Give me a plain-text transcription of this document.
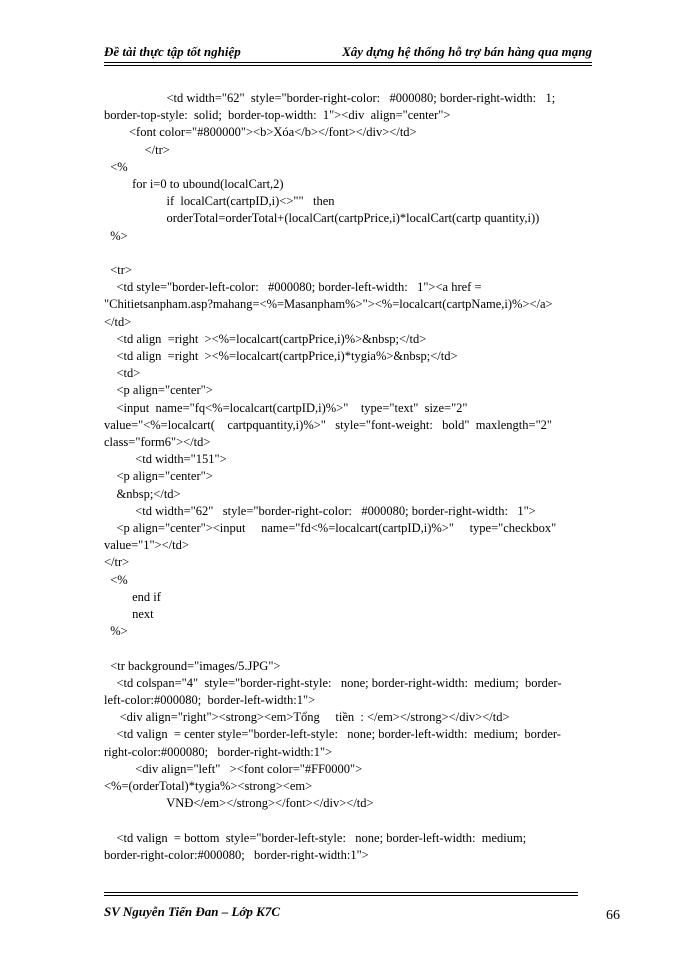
Đề tài thực tập tốt nghiệp	Xây dựng hệ thống hỗ trợ bán hàng qua mạng
<td width="62"  style="border-right-color:   #000080; border-right-width:   1;
border-top-style:  solid;  border-top-width:  1"><div  align="center">
<font color="#800000"><b>Xóa</b></font></div></td>
</tr>
<%
for i=0 to ubound(localCart,2)
if  localCart(cartpID,i)<>""   then
orderTotal=orderTotal+(localCart(cartpPrice,i)*localCart(cartp quantity,i))
%>
<tr>
<td style="border-left-color:   #000080; border-left-width:   1"><a href =
"Chitietsanpham.asp?mahang=<%=Masanpham%>"><%=localcart(cartpName,i)%></a>
</td>
<td align  =right  ><%=localcart(cartpPrice,i)%>&nbsp;</td>
<td align  =right  ><%=localcart(cartpPrice,i)*tygia%>&nbsp;</td>
<td>
<p align="center">
<input  name="fq<%=localcart(cartpID,i)%>"    type="text"  size="2"
value="<%=localcart(    cartpquantity,i)%>"   style="font-weight:   bold"  maxlength="2"
class="form6"></td>
<td width="151">
<p align="center">
&nbsp;</td>
<td width="62"   style="border-right-color:   #000080; border-right-width:   1">
<p align="center"><input     name="fd<%=localcart(cartpID,i)%>"     type="checkbox"
value="1"></td>
</tr>
<%
end if
next
%>
<tr background="images/5.JPG">
<td colspan="4"  style="border-right-style:   none; border-right-width:  medium;  border-
left-color:#000080;  border-left-width:1">
<div align="right"><strong><em>Tổng     tiền  : </em></strong></div></td>
<td valign  = center style="border-left-style:   none; border-left-width:  medium;  border-
right-color:#000080;   border-right-width:1">
<div align="left"   ><font color="#FF0000">
<%=(orderTotal)*tygia%><strong><em>
VNĐ</em></strong></font></div></td>
<td valign  = bottom  style="border-left-style:   none; border-left-width:  medium;
border-right-color:#000080;   border-right-width:1">
SV Nguyễn Tiến Đan – Lớp K7C	66
